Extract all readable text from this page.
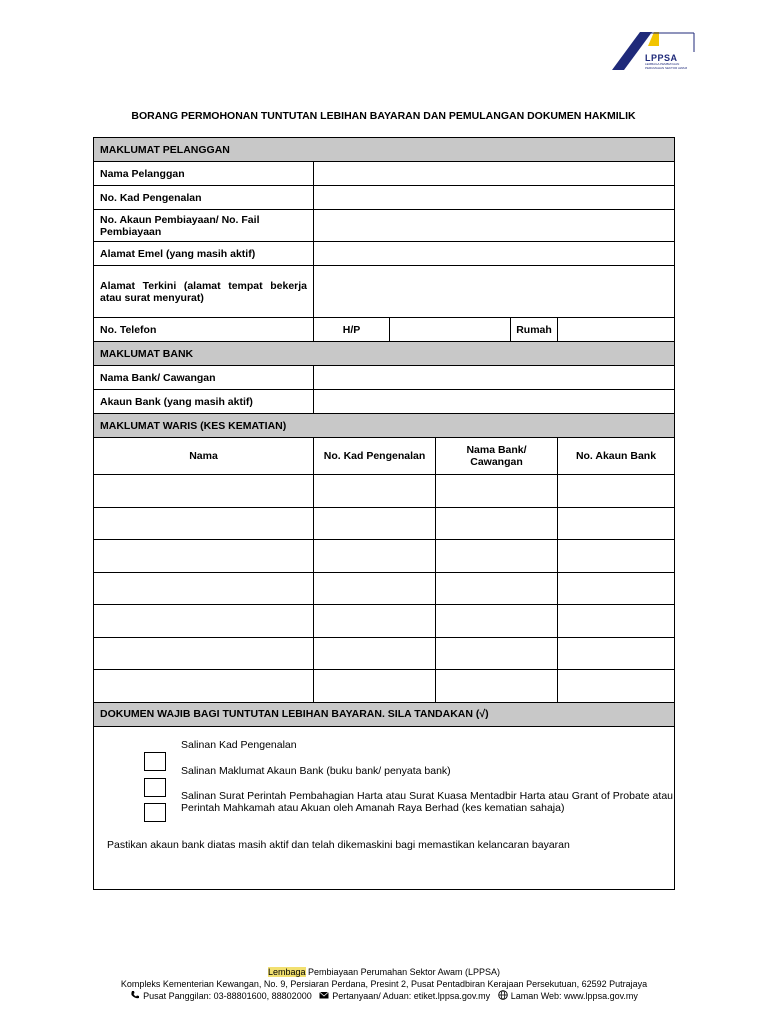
LPPSA
LEMBAGA PEMBIAYAAN PERUMAHAN SEKTOR AWAM
BORANG PERMOHONAN TUNTUTAN LEBIHAN BAYARAN DAN PEMULANGAN DOKUMEN HAKMILIK
MAKLUMAT PELANGGAN					
Nama Pelanggan					
No. Kad Pengenalan					
No. Akaun Pembiayaan/ No. Fail Pembiayaan					
Alamat Emel (yang masih aktif)					
Alamat Terkini (alamat tempat bekerja atau surat menyurat)					
No. Telefon	H/P			Rumah	
MAKLUMAT BANK					
Nama Bank/ Cawangan					
Akaun Bank (yang masih aktif)					
MAKLUMAT WARIS (KES KEMATIAN)					
Nama	No. Kad Pengenalan		Nama Bank/ Cawangan		No. Akaun Bank

DOKUMEN WAJIB BAGI TUNTUTAN LEBIHAN BAYARAN. SILA TANDAKAN (√)					

Salinan Kad Pengenalan
Salinan Maklumat Akaun Bank (buku bank/ penyata bank)
Salinan Surat Perintah Pembahagian Harta atau Surat Kuasa Mentadbir Harta atau Grant of Probate atau Perintah Mahkamah atau Akuan oleh Amanah Raya Berhad (kes kematian sahaja)
Pastikan akaun bank diatas masih aktif dan telah dikemaskini bagi memastikan kelancaran bayaran					
Lembaga Pembiayaan Perumahan Sektor Awam (LPPSA)
Kompleks Kementerian Kewangan, No. 9, Persiaran Perdana, Presint 2, Pusat Pentadbiran Kerajaan Persekutuan, 62592 Putrajaya
Pusat Panggilan: 03-88801600, 88802000 Pertanyaan/ Aduan: etiket.lppsa.gov.my Laman Web: www.lppsa.gov.my
